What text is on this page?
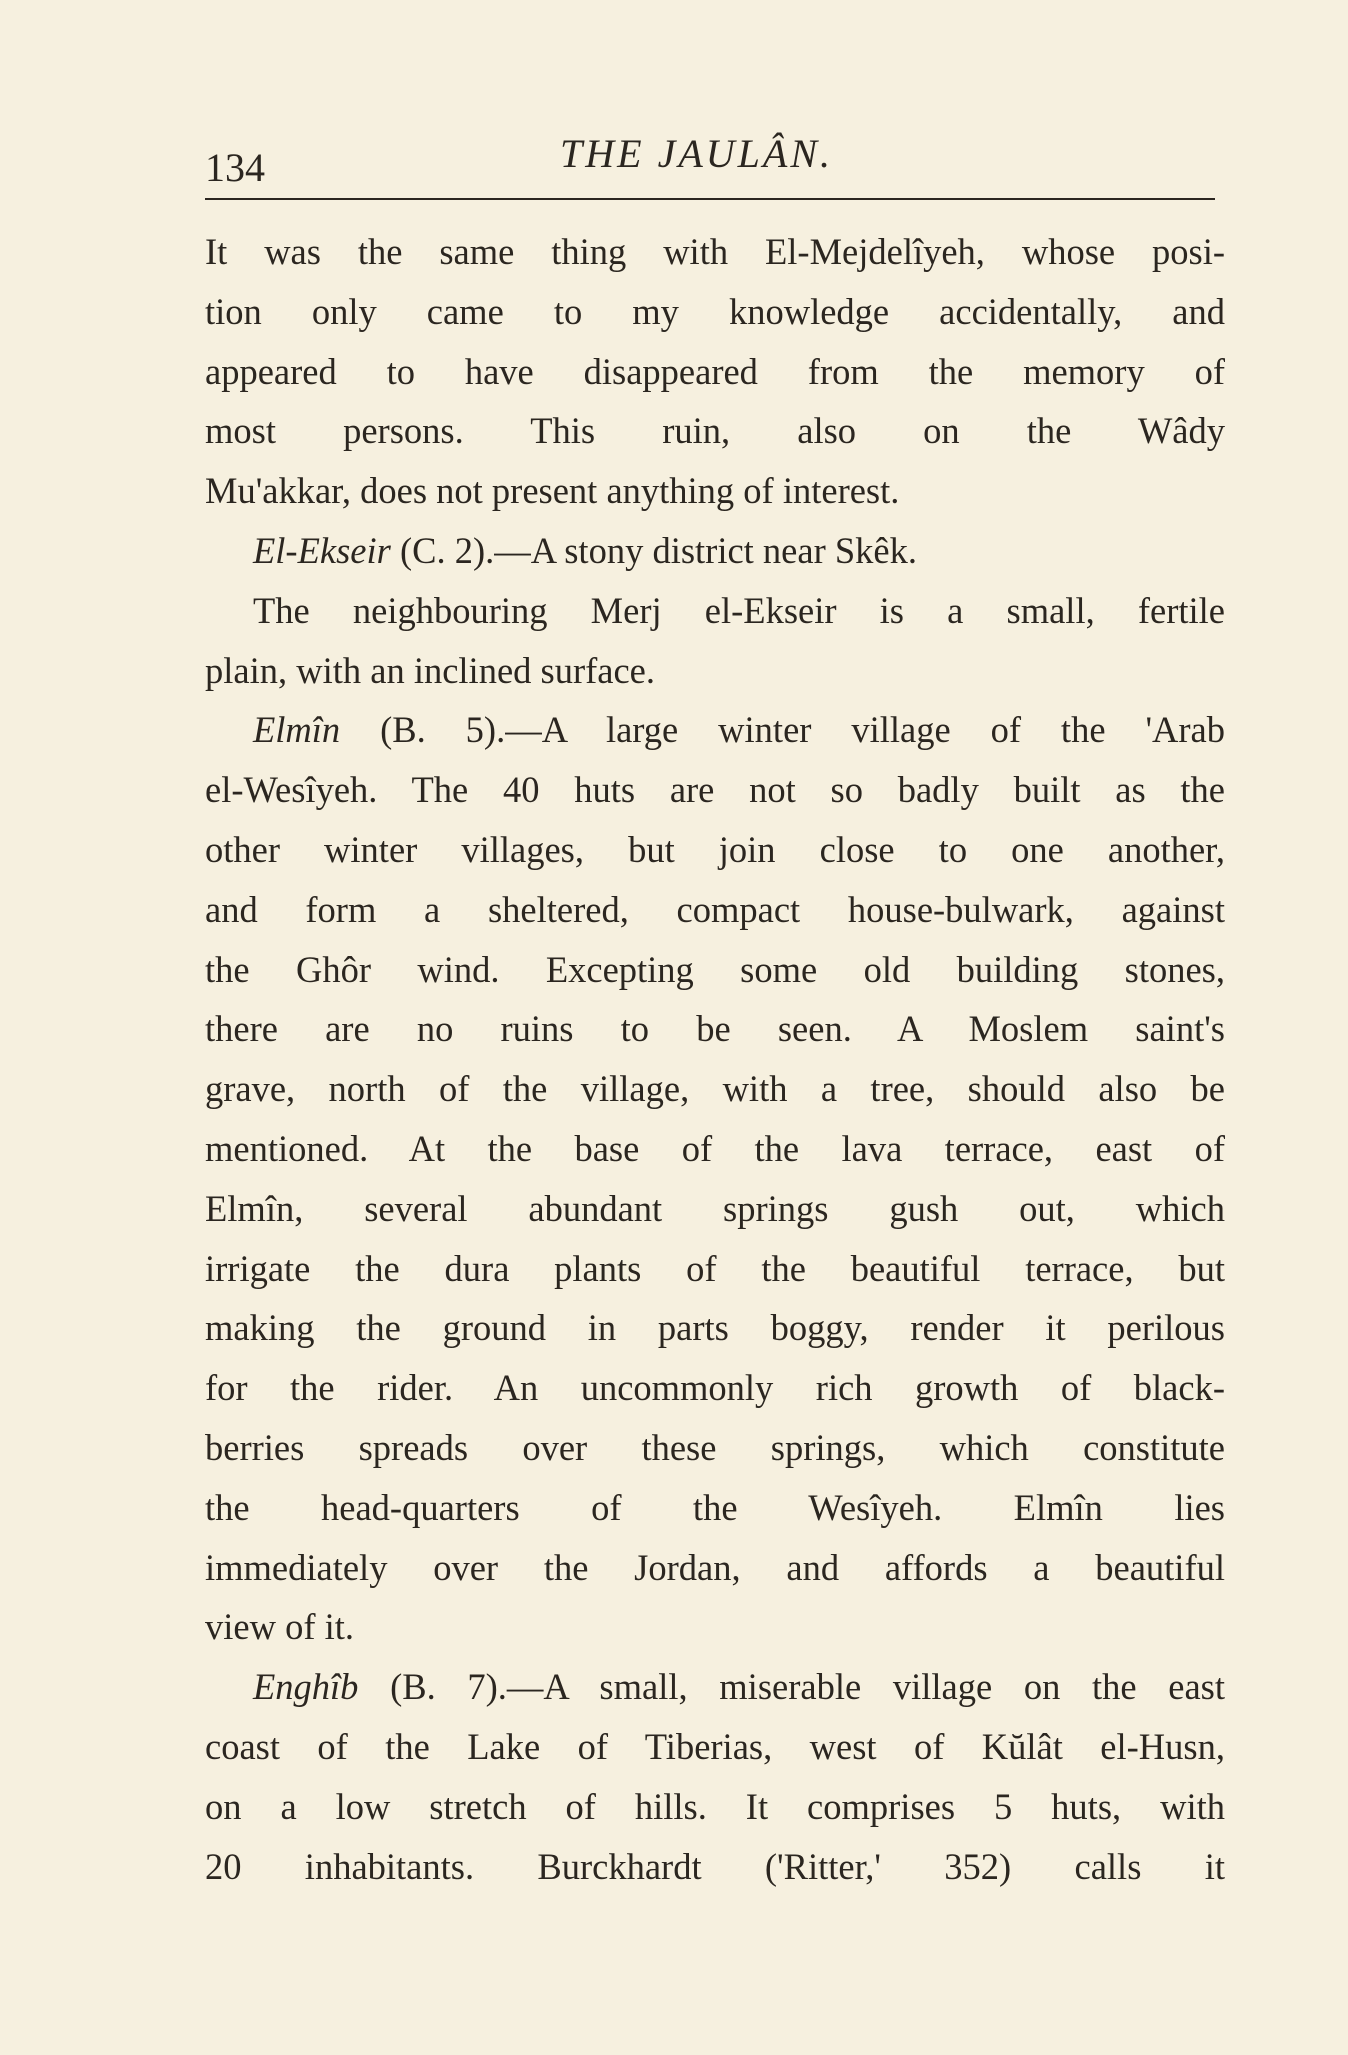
134	THE JAULÂN.
It was the same thing with El-Mejdelîyeh, whose posi-
tion only came to my knowledge accidentally, and
appeared to have disappeared from the memory of
most persons. This ruin, also on the Wâdy
Mu'akkar, does not present anything of interest.
El-Ekseir (C. 2).—A stony district near Skêk.
The neighbouring Merj el-Ekseir is a small, fertile
plain, with an inclined surface.
Elmîn (B. 5).—A large winter village of the 'Arab
el-Wesîyeh. The 40 huts are not so badly built as the
other winter villages, but join close to one another,
and form a sheltered, compact house-bulwark, against
the Ghôr wind. Excepting some old building stones,
there are no ruins to be seen. A Moslem saint's
grave, north of the village, with a tree, should also be
mentioned. At the base of the lava terrace, east of
Elmîn, several abundant springs gush out, which
irrigate the dura plants of the beautiful terrace, but
making the ground in parts boggy, render it perilous
for the rider. An uncommonly rich growth of black-
berries spreads over these springs, which constitute
the head-quarters of the Wesîyeh. Elmîn lies
immediately over the Jordan, and affords a beautiful
view of it.
Enghîb (B. 7).—A small, miserable village on the east
coast of the Lake of Tiberias, west of Kŭlât el-Husn,
on a low stretch of hills. It comprises 5 huts, with
20 inhabitants. Burckhardt ('Ritter,' 352) calls it
